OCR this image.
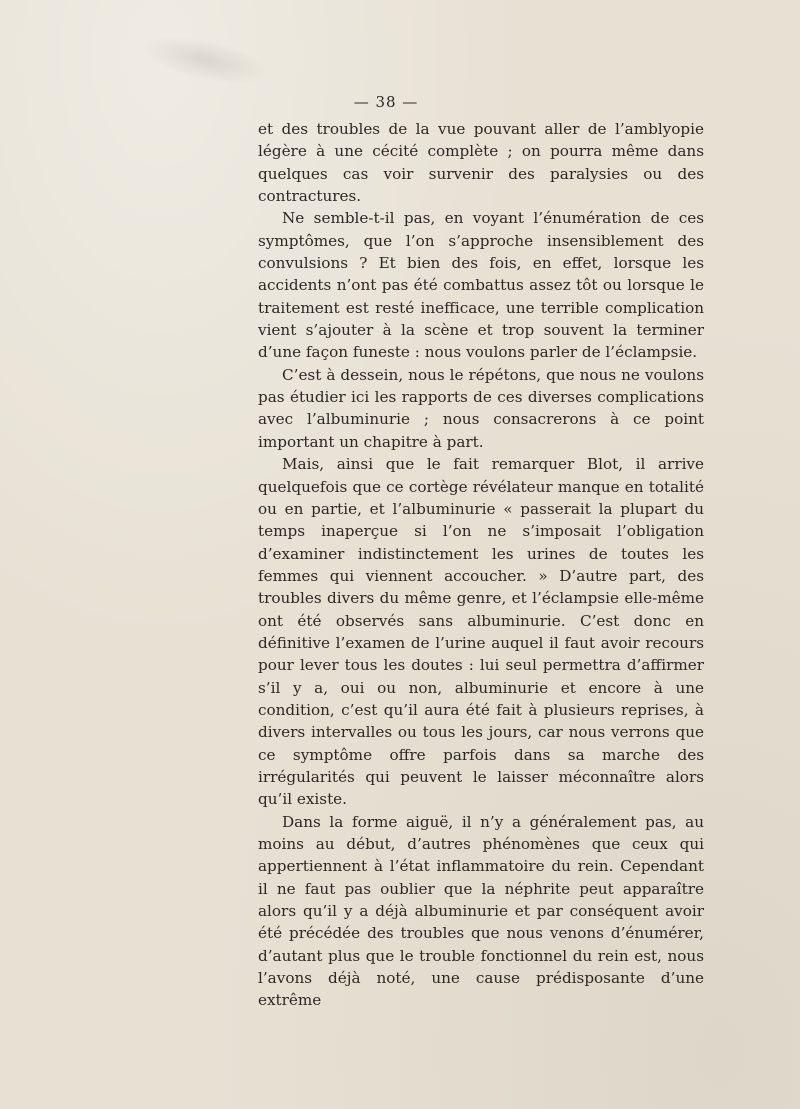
— 38 —

et des troubles de la vue pouvant aller de l’amblyopie légère à une cécité complète ; on pourra même dans quelques cas voir survenir des paralysies ou des contractures.

Ne semble-t-il pas, en voyant l’énumération de ces symptômes, que l’on s’approche insensiblement des convulsions ? Et bien des fois, en effet, lorsque les accidents n’ont pas été combattus assez tôt ou lorsque le traitement est resté inefficace, une terrible complication vient s’ajouter à la scène et trop souvent la terminer d’une façon funeste : nous voulons parler de l’éclampsie.

C’est à dessein, nous le répétons, que nous ne voulons pas étudier ici les rapports de ces diverses complications avec l’albuminurie ; nous consacrerons à ce point important un chapitre à part.

Mais, ainsi que le fait remarquer Blot, il arrive quelquefois que ce cortège révélateur manque en totalité ou en partie, et l’albuminurie « passerait la plupart du temps inaperçue si l’on ne s’imposait l’obligation d’examiner indistinctement les urines de toutes les femmes qui viennent accoucher. » D’autre part, des troubles divers du même genre, et l’éclampsie elle-même ont été observés sans albuminurie. C’est donc en définitive l’examen de l’urine auquel il faut avoir recours pour lever tous les doutes : lui seul permettra d’affirmer s’il y a, oui ou non, albuminurie et encore à une condition, c’est qu’il aura été fait à plusieurs reprises, à divers intervalles ou tous les jours, car nous verrons que ce symptôme offre parfois dans sa marche des irrégularités qui peuvent le laisser méconnaître alors qu’il existe.

Dans la forme aiguë, il n’y a généralement pas, au moins au début, d’autres phénomènes que ceux qui appertiennent à l’état inflammatoire du rein. Cependant il ne faut pas oublier que la néphrite peut apparaître alors qu’il y a déjà albuminurie et par conséquent avoir été précédée des troubles que nous venons d’énumérer, d’autant plus que le trouble fonctionnel du rein est, nous l’avons déjà noté, une cause prédisposante d’une extrême
